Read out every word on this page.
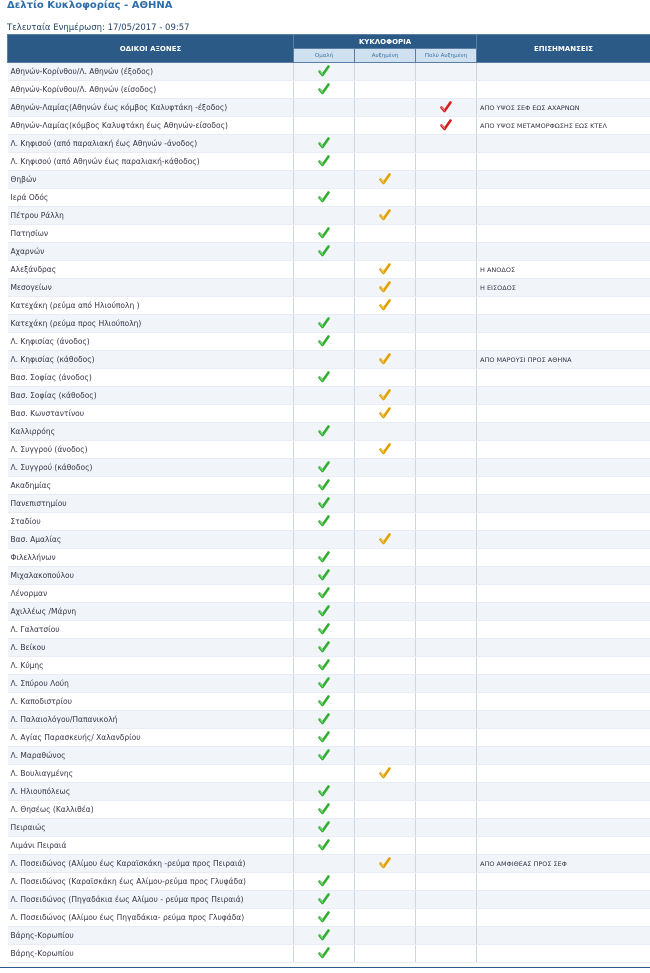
Δελτίο Κυκλοφορίας - ΑΘΗΝΑ
Τελευταία Ενημέρωση: 17/05/2017 - 09:57
ΟΔΙΚΟΙ ΑΞΟΝΕΣ	ΚΥΚΛΟΦΟΡΙΑ			ΕΠΙΣΗΜΑΝΣΕΙΣ
	Ομαλή	Αυξημένη	Πολύ Αυξημένη	
Αθηνών-Κορίνθου/Λ. Αθηνών (έξοδος)				
Αθηνών-Κορίνθου/Λ. Αθηνών (είσοδος)				
Αθηνών-Λαμίας(Αθηνών έως κόμβος Καλυφτάκη -έξοδος)				ΑΠΟ ΥΨΟΣ ΣΕΦ ΕΩΣ ΑΧΑΡΝΩΝ
Αθηνών-Λαμίας(κόμβος Καλυφτάκη έως Αθηνών-είσοδος)				ΑΠΟ ΥΨΟΣ ΜΕΤΑΜΟΡΦΩΣΗΣ ΕΩΣ ΚΤΕΛ
Λ. Κηφισού (από παραλιακή έως Αθηνών -άνοδος)				
Λ. Κηφισού (από Αθηνών έως παραλιακή-κάθοδος)				
Θηβών				
Ιερά Οδός				
Πέτρου Ράλλη				
Πατησίων				
Αχαρνών				
Αλεξάνδρας				Η ΑΝΟΔΟΣ
Μεσογείων				Η ΕΙΣΟΔΟΣ
Κατεχάκη (ρεύμα από Ηλιούπολη )				
Κατεχάκη (ρεύμα προς Ηλιούπολη)				
Λ. Κηφισίας (άνοδος)				
Λ. Κηφισίας (κάθοδος)				ΑΠΟ ΜΑΡΟΥΣΙ ΠΡΟΣ ΑΘΗΝΑ
Βασ. Σοφίας (άνοδος)				
Βασ. Σοφίας (κάθοδος)				
Βασ. Κωνσταντίνου				
Καλλιρρόης				
Λ. Συγγρού (άνοδος)				
Λ. Συγγρού (κάθοδος)				
Ακαδημίας				
Πανεπιστημίου				
Σταδίου				
Βασ. Αμαλίας				
Φιλελλήνων				
Μιχαλακοπούλου				
Λένορμαν				
Αχιλλέως /Μάρνη				
Λ. Γαλατσίου				
Λ. Βείκου				
Λ. Κύμης				
Λ. Σπύρου Λούη				
Λ. Καποδιστρίου				
Λ. Παλαιολόγου/Παπανικολή				
Λ. Αγίας Παρασκευής/ Χαλανδρίου				
Λ. Μαραθώνος				
Λ. Βουλιαγμένης				
Λ. Ηλιουπόλεως				
Λ. Θησέως (Καλλιθέα)				
Πειραιώς				
Λιμάνι Πειραιά				
Λ. Ποσειδώνος (Αλίμου έως Καραϊσκάκη -ρεύμα προς Πειραιά)				ΑΠΟ ΑΜΦΙΘΕΑΣ ΠΡΟΣ ΣΕΦ
Λ. Ποσειδώνος (Καραϊσκάκη έως Αλίμου-ρεύμα προς Γλυφάδα)				
Λ. Ποσειδώνος (Πηγαδάκια έως Αλίμου - ρεύμα προς Πειραιά)				
Λ. Ποσειδώνος (Αλίμου έως Πηγαδάκια- ρεύμα προς Γλυφάδα)				
Βάρης-Κορωπίου				
Βάρης-Κορωπίου				
